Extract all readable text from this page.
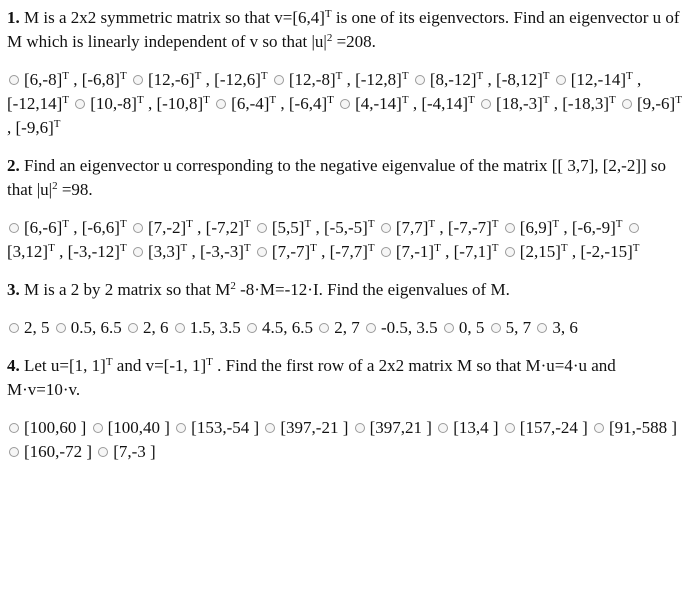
1. M is a 2x2 symmetric matrix so that $v=[6,4]^T$ is one of its eigenvectors. Find an eigenvector u of M which is linearly independent of v so that $|u|^2 =208$.

$[6,-8]^T$ , $[-6,8]^T$ $[12,-6]^T$ , $[-12,6]^T$ $[12,-8]^T$ , $[-12,8]^T$ $[8,-12]^T$ , $[-8,12]^T$ $[12,-14]^T$ , $[-12,14]^T$ $[10,-8]^T$ , $[-10,8]^T$ $[6,-4]^T$ , $[-6,4]^T$ $[4,-14]^T$ , $[-4,14]^T$ $[18,-3]^T$ , $[-18,3]^T$ $[9,-6]^T$ , $[-9,6]^T$

2. Find an eigenvector u corresponding to the negative eigenvalue of the matrix [[ 3,7], [2,-2]] so that $|u|^2 =98$.

$[6,-6]^T$ , $[-6,6]^T$ $[7,-2]^T$ , $[-7,2]^T$ $[5,5]^T$ , $[-5,-5]^T$ $[7,7]^T$ , $[-7,-7]^T$ $[6,9]^T$ , $[-6,-9]^T$ $[3,12]^T$ , $[-3,-12]^T$ $[3,3]^T$ , $[-3,-3]^T$ $[7,-7]^T$ , $[-7,7]^T$ $[7,-1]^T$ , $[-7,1]^T$ $[2,15]^T$ , $[-2,-15]^T$

3. M is a 2 by 2 matrix so that $M^2$ -8·M=-12·I. Find the eigenvalues of M.

2, 5 0.5, 6.5 2, 6 1.5, 3.5 4.5, 6.5 2, 7 -0.5, 3.5 0, 5 5, 7 3, 6

4. Let u=[1, 1]$^T$ and v=[-1, 1]$^T$ . Find the first row of a 2x2 matrix M so that M·u=4·u and M·v=10·v.

[100,60 ] [100,40 ] [153,-54 ] [397,-21 ] [397,21 ] [13,4 ] [157,-24 ] [91,-588 ] [160,-72 ] [7,-3 ]
